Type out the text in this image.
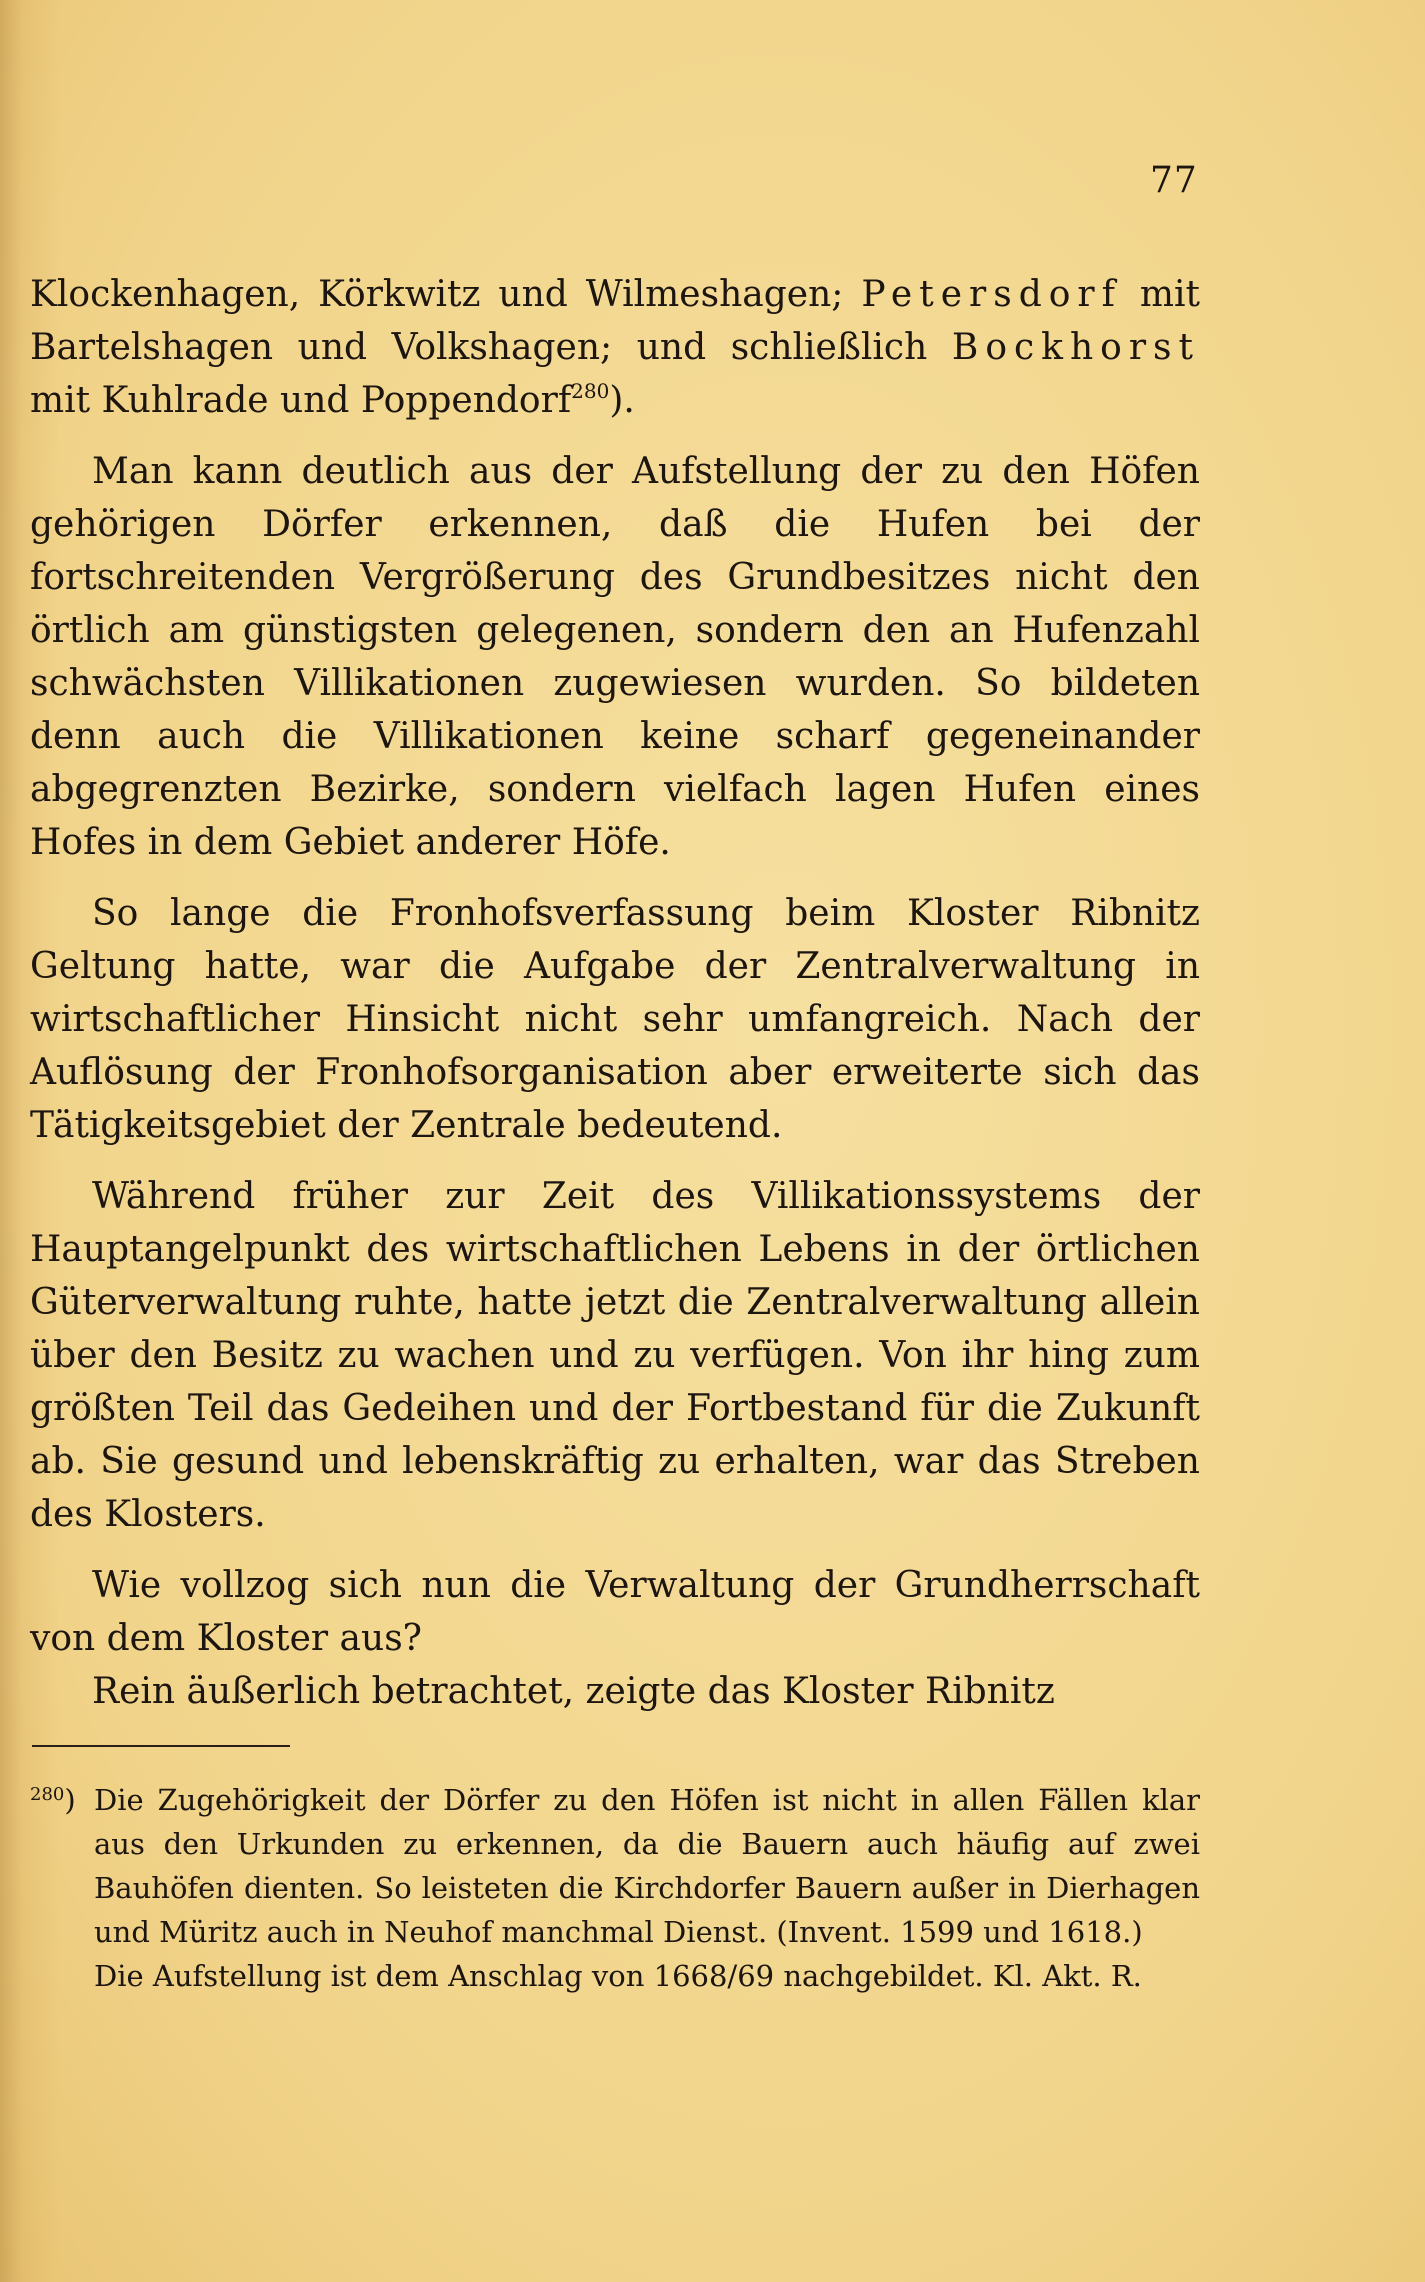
77

Klockenhagen, Körkwitz und Wilmeshagen; Petersdorf mit Bartelshagen und Volkshagen; und schließlich Bockhorst mit Kuhlrade und Poppendorf$^{280}$).

Man kann deutlich aus der Aufstellung der zu den Höfen gehörigen Dörfer erkennen, daß die Hufen bei der fortschreitenden Vergrößerung des Grundbesitzes nicht den örtlich am günstigsten gelegenen, sondern den an Hufenzahl schwächsten Villikationen zugewiesen wurden. So bildeten denn auch die Villikationen keine scharf gegeneinander abgegrenzten Bezirke, sondern vielfach lagen Hufen eines Hofes in dem Gebiet anderer Höfe.

So lange die Fronhofsverfassung beim Kloster Ribnitz Geltung hatte, war die Aufgabe der Zentralverwaltung in wirtschaftlicher Hinsicht nicht sehr umfangreich. Nach der Auflösung der Fronhofsorganisation aber erweiterte sich das Tätigkeitsgebiet der Zentrale bedeutend.

Während früher zur Zeit des Villikationssystems der Hauptangelpunkt des wirtschaftlichen Lebens in der örtlichen Güterverwaltung ruhte, hatte jetzt die Zentralverwaltung allein über den Besitz zu wachen und zu verfügen. Von ihr hing zum größten Teil das Gedeihen und der Fortbestand für die Zukunft ab. Sie gesund und lebenskräftig zu erhalten, war das Streben des Klosters.

Wie vollzog sich nun die Verwaltung der Grundherrschaft von dem Kloster aus?

Rein äußerlich betrachtet, zeigte das Kloster Ribnitz

$^{280}$) Die Zugehörigkeit der Dörfer zu den Höfen ist nicht in allen Fällen klar aus den Urkunden zu erkennen, da die Bauern auch häufig auf zwei Bauhöfen dienten. So leisteten die Kirchdorfer Bauern außer in Dierhagen und Müritz auch in Neuhof manchmal Dienst. (Invent. 1599 und 1618.)

Die Aufstellung ist dem Anschlag von 1668/69 nachgebildet. Kl. Akt. R.
